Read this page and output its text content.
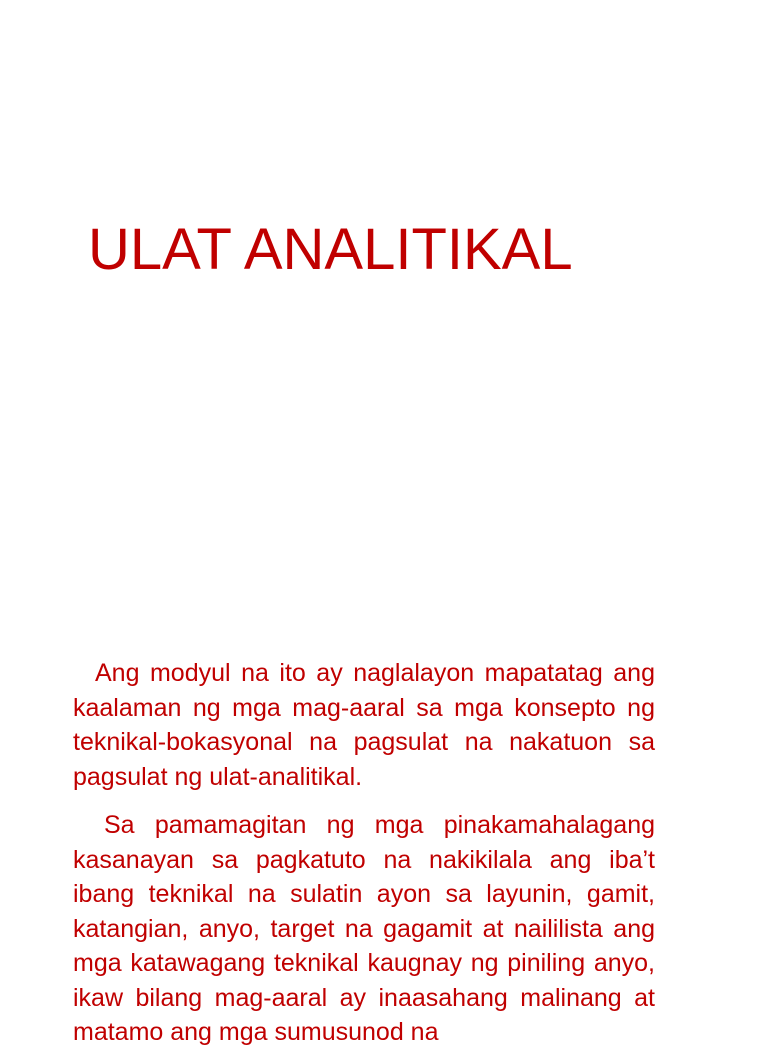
ULAT ANALITIKAL

Ang modyul na ito ay naglalayon mapatatag ang kaalaman ng mga mag-aaral sa mga konsepto ng teknikal-bokasyonal na pagsulat na nakatuon sa pagsulat ng ulat-analitikal.

Sa pamamagitan ng mga pinakamahalagang kasanayan sa pagkatuto na nakikilala ang iba’t ibang teknikal na sulatin ayon sa layunin, gamit, katangian, anyo, target na gagamit at naililista ang mga katawagang teknikal kaugnay ng piniling anyo, ikaw bilang mag-aaral ay inaasahang malinang at matamo ang mga sumusunod na
